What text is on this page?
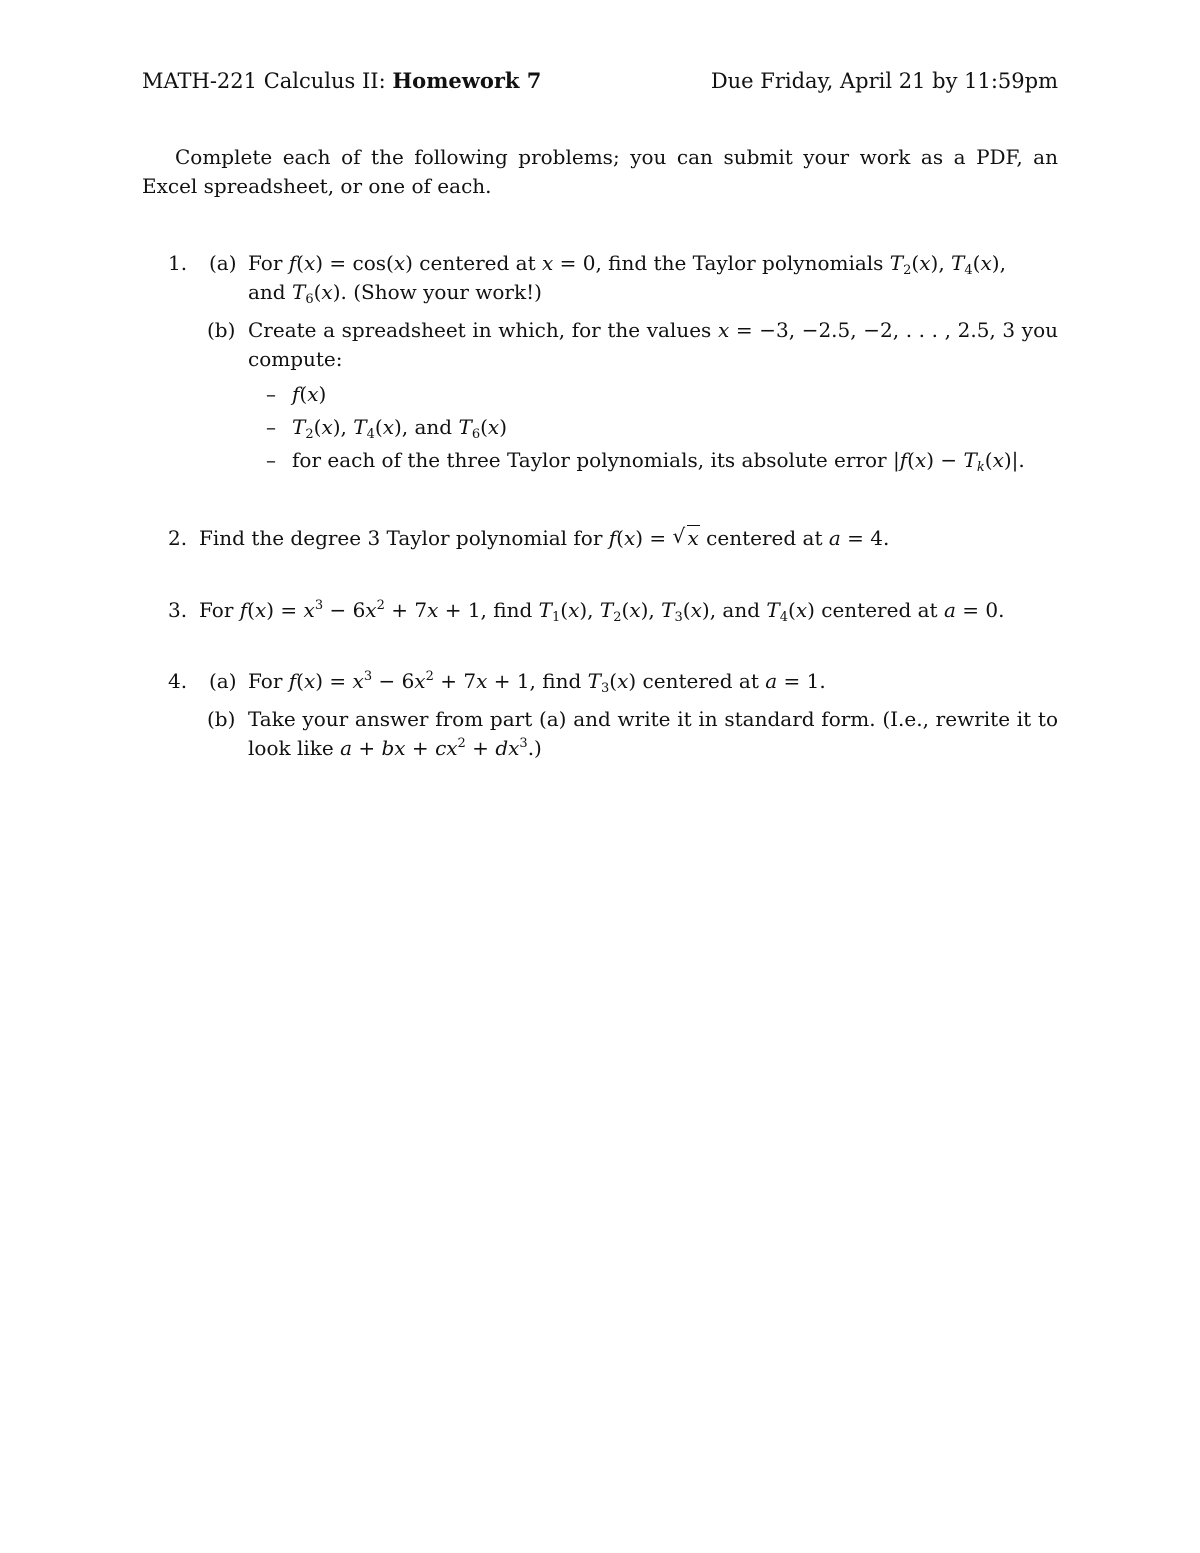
MATH-221 Calculus II: Homework 7	Due Friday, April 21 by 11:59pm
Complete each of the following problems; you can submit your work as a PDF, an Excel spreadsheet, or one of each.
1. (a) For f(x) = cos(x) centered at x = 0, find the Taylor polynomials $T_2(x)$, $T_4(x)$,
and $T_6(x)$. (Show your work!)
(b) Create a spreadsheet in which, for the values x = −3, −2.5, −2, . . . , 2.5, 3 you compute:
– f(x)
– $T_2(x)$, $T_4(x)$, and $T_6(x)$
– for each of the three Taylor polynomials, its absolute error $|f(x) - T_k(x)|$.
2. Find the degree 3 Taylor polynomial for f(x) = √ x centered at a = 4.
3. For $f(x) = x^3 - 6x^2 + 7x + 1$, find $T_1(x)$, $T_2(x)$, $T_3(x)$, and $T_4(x)$ centered at a = 0.
4. (a) For $f(x) = x^3 - 6x^2 + 7x + 1$, find $T_3(x)$ centered at a = 1.
(b) Take your answer from part (a) and write it in standard form. (I.e., rewrite it to look like a + bx + $cx^2 + dx^3$.)
